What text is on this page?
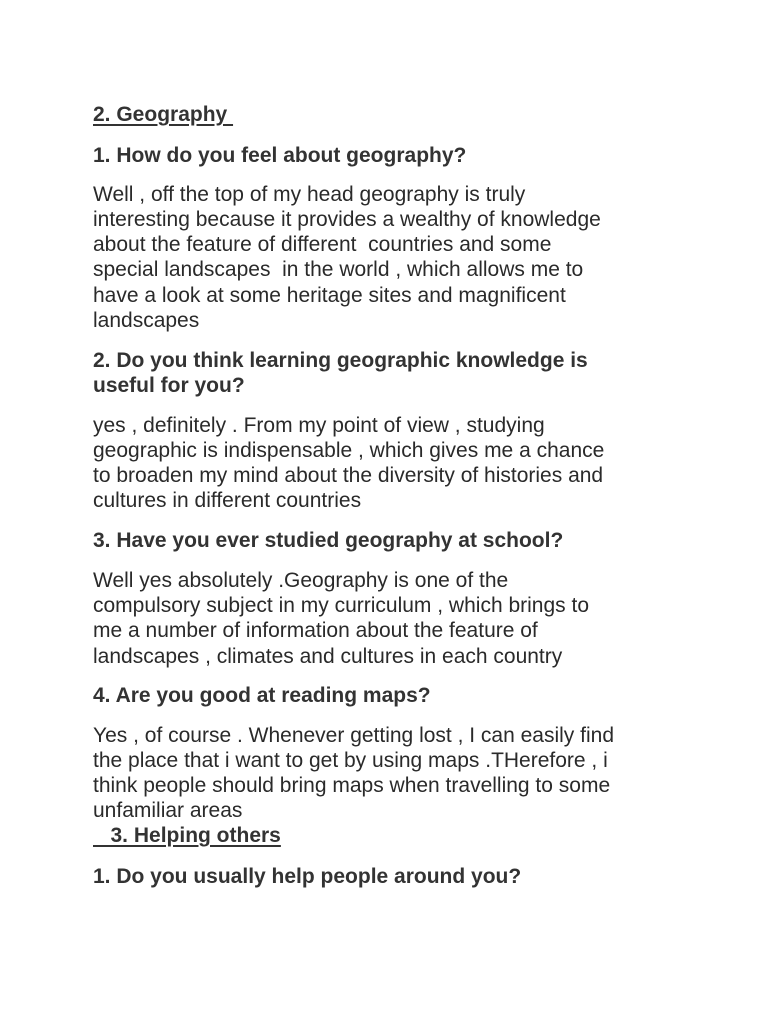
2. Geography
1. How do you feel about geography?
Well , off the top of my head geography is truly
interesting because it provides a wealthy of knowledge
about the feature of different  countries and some
special landscapes  in the world , which allows me to
have a look at some heritage sites and magnificent
landscapes
2. Do you think learning geographic knowledge is
useful for you?
yes , definitely . From my point of view , studying
geographic is indispensable , which gives me a chance
to broaden my mind about the diversity of histories and
cultures in different countries
3. Have you ever studied geography at school?
Well yes absolutely .Geography is one of the
compulsory subject in my curriculum , which brings to
me a number of information about the feature of
landscapes , climates and cultures in each country
4. Are you good at reading maps?
Yes , of course . Whenever getting lost , I can easily find
the place that i want to get by using maps .THerefore , i
think people should bring maps when travelling to some
unfamiliar areas
3. Helping others
1. Do you usually help people around you?
